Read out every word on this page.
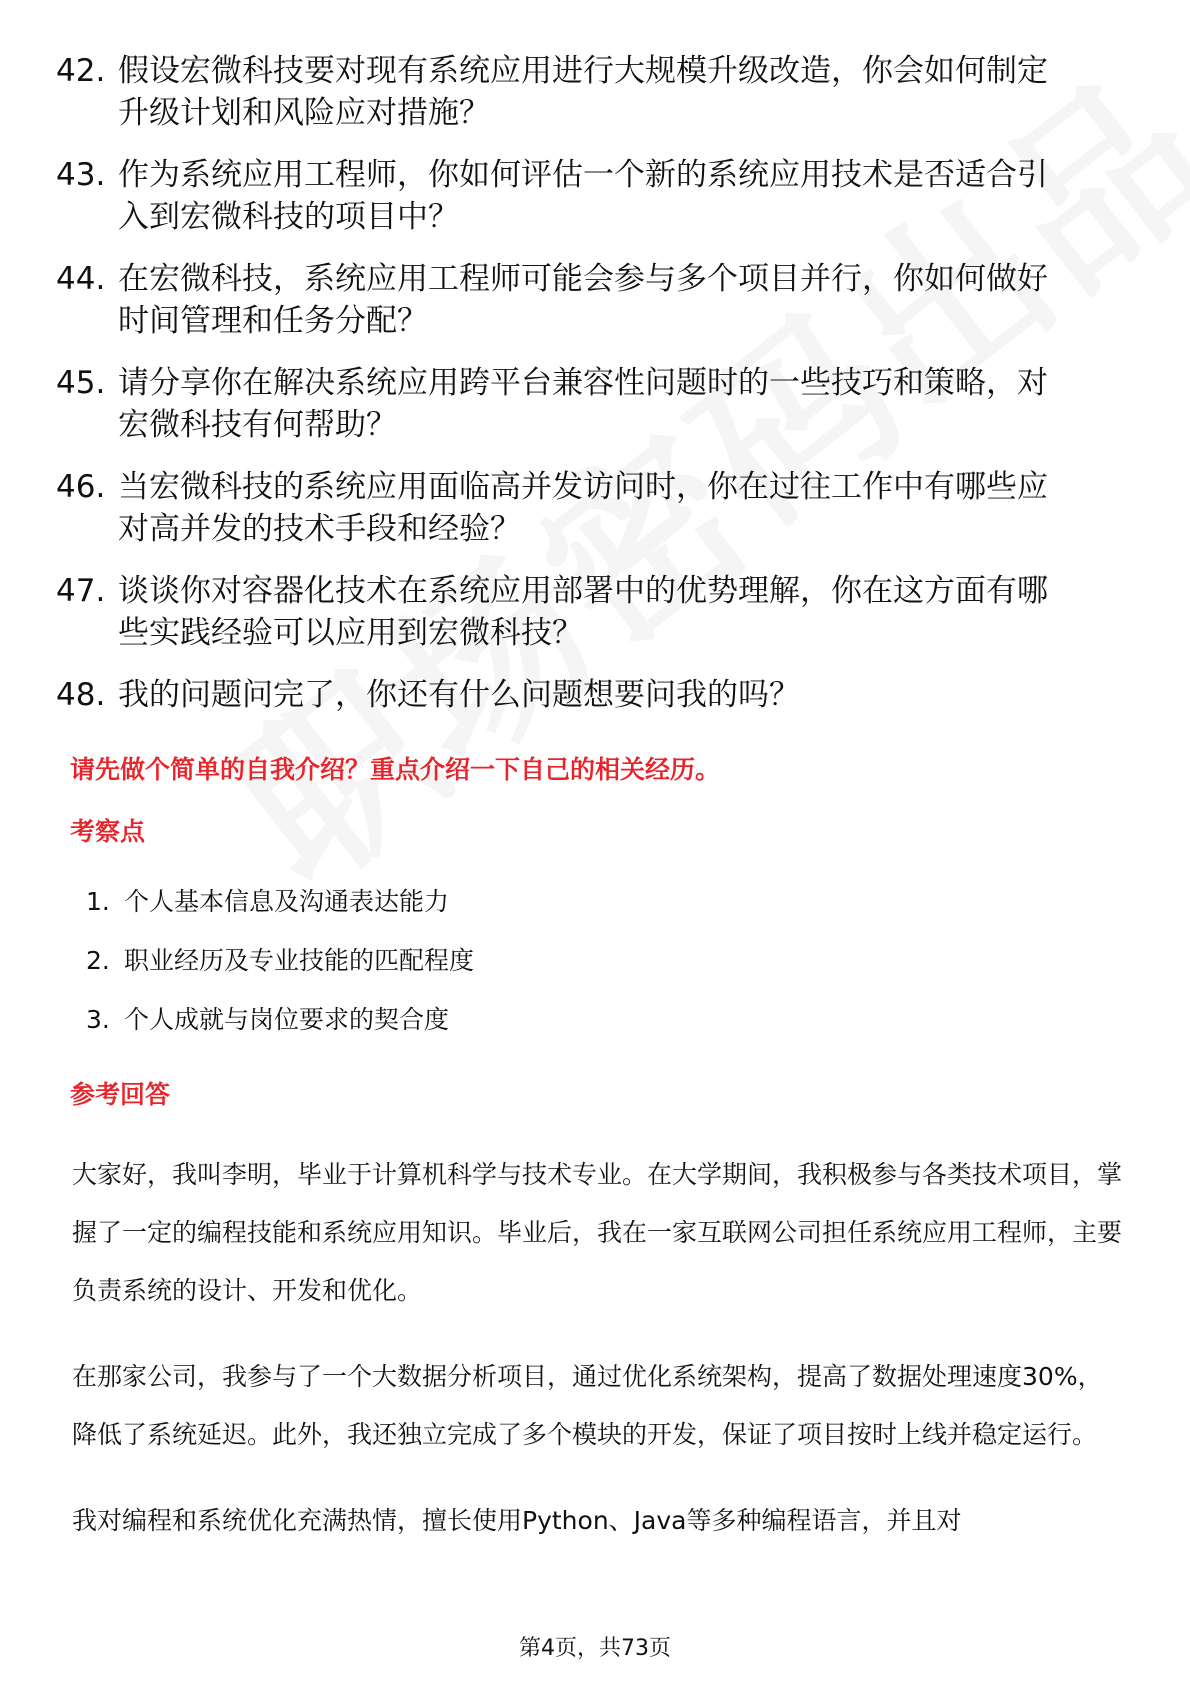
42. 假设宏微科技要对现有系统应用进行大规模升级改造，你会如何制定升级计划和风险应对措施？
43. 作为系统应用工程师，你如何评估一个新的系统应用技术是否适合引入到宏微科技的项目中？
44. 在宏微科技，系统应用工程师可能会参与多个项目并行，你如何做好时间管理和任务分配？
45. 请分享你在解决系统应用跨平台兼容性问题时的一些技巧和策略，对宏微科技有何帮助？
46. 当宏微科技的系统应用面临高并发访问时，你在过往工作中有哪些应对高并发的技术手段和经验？
47. 谈谈你对容器化技术在系统应用部署中的优势理解，你在这方面有哪些实践经验可以应用到宏微科技？
48. 我的问题问完了，你还有什么问题想要问我的吗？
请先做个简单的自我介绍？重点介绍一下自己的相关经历。
考察点
1. 个人基本信息及沟通表达能力
2. 职业经历及专业技能的匹配程度
3. 个人成就与岗位要求的契合度
参考回答

大家好，我叫李明，毕业于计算机科学与技术专业。在大学期间，我积极参与各类技术项目，掌握了一定的编程技能和系统应用知识。毕业后，我在一家互联网公司担任系统应用工程师，主要负责系统的设计、开发和优化。

在那家公司，我参与了一个大数据分析项目，通过优化系统架构，提高了数据处理速度30%，降低了系统延迟。此外，我还独立完成了多个模块的开发，保证了项目按时上线并稳定运行。

我对编程和系统优化充满热情，擅长使用Python、Java等多种编程语言，并且对

第4页，共73页
